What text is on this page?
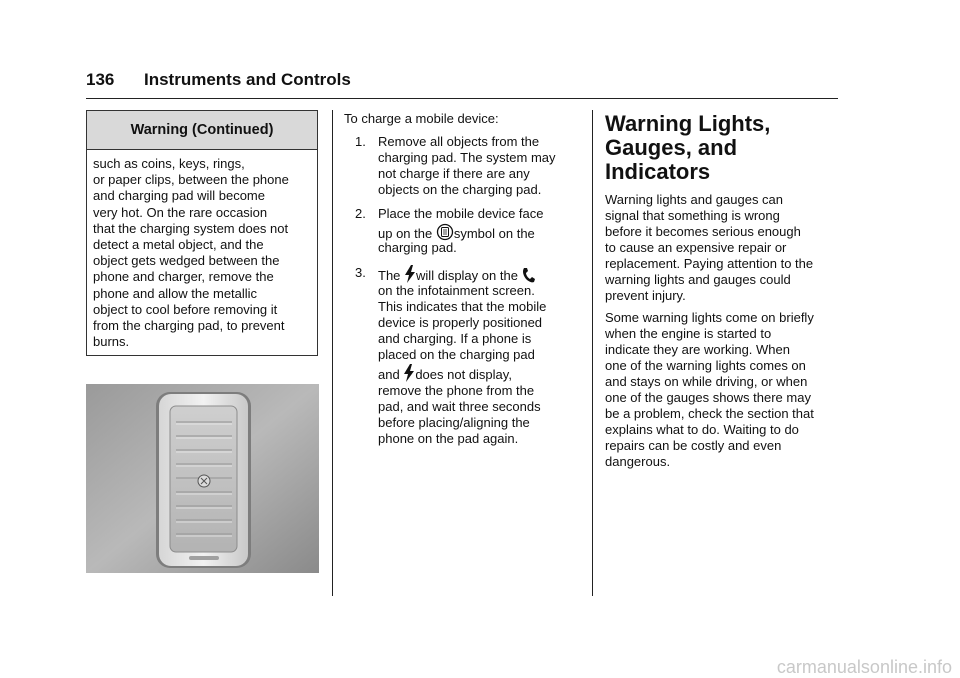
136 Instruments and Controls
Warning (Continued)
such as coins, keys, rings,
or paper clips, between the phone
and charging pad will become
very hot. On the rare occasion
that the charging system does not
detect a metal object, and the
object gets wedged between the
phone and charger, remove the
phone and allow the metallic
object to cool before removing it
from the charging pad, to prevent
burns.
To charge a mobile device:
1. Remove all objects from the
charging pad. The system may
not charge if there are any
objects on the charging pad.
2. Place the mobile device face
up on the symbol on the
charging pad.
3. The will display on the
on the infotainment screen.
This indicates that the mobile
device is properly positioned
and charging. If a phone is
placed on the charging pad
and does not display,
remove the phone from the
pad, and wait three seconds
before placing/aligning the
phone on the pad again.
Warning Lights,
Gauges, and
Indicators
Warning lights and gauges can
signal that something is wrong
before it becomes serious enough
to cause an expensive repair or
replacement. Paying attention to the
warning lights and gauges could
prevent injury.
Some warning lights come on briefly
when the engine is started to
indicate they are working. When
one of the warning lights comes on
and stays on while driving, or when
one of the gauges shows there may
be a problem, check the section that
explains what to do. Waiting to do
repairs can be costly and even
dangerous.
carmanualsonline.info
